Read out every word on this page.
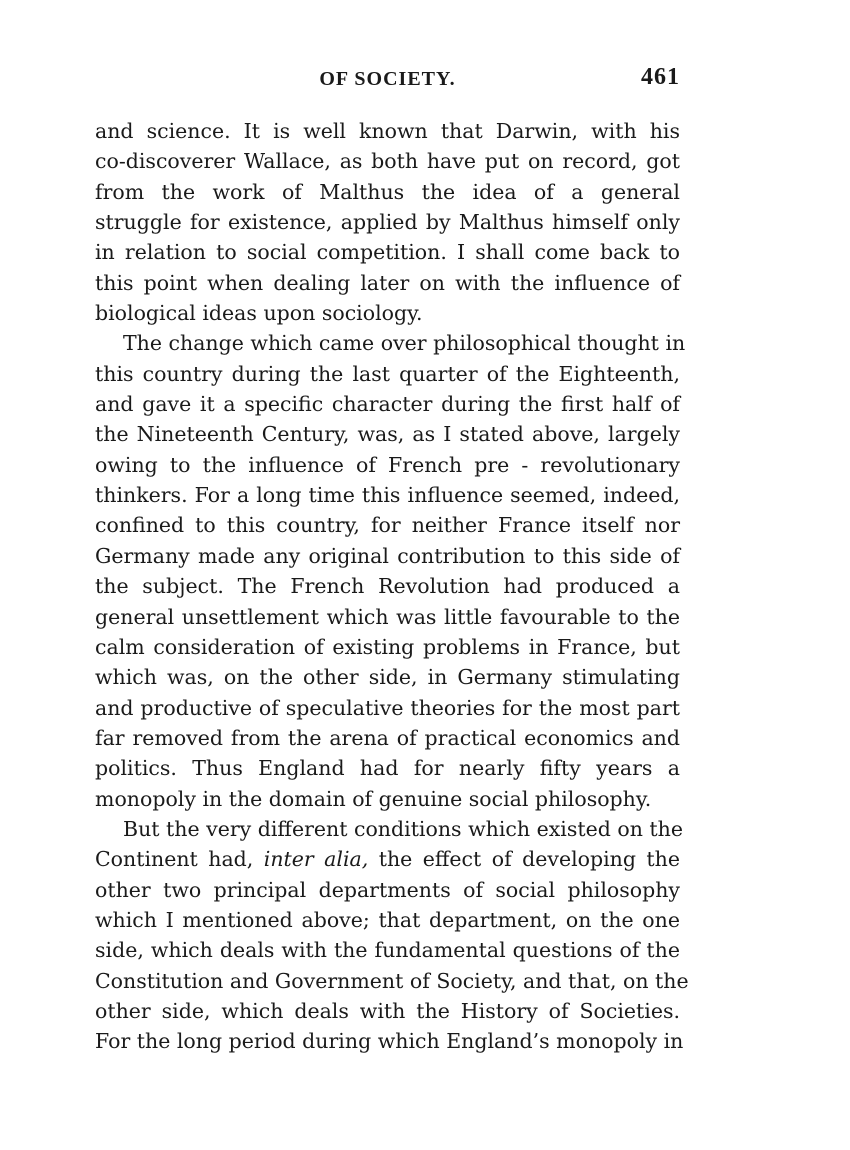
OF SOCIETY.	461
and science. It is well known that Darwin, with his
co-discoverer Wallace, as both have put on record, got
from the work of Malthus the idea of a general
struggle for existence, applied by Malthus himself only
in relation to social competition. I shall come back to
this point when dealing later on with the influence of
biological ideas upon sociology.
The change which came over philosophical thought in
this country during the last quarter of the Eighteenth,
and gave it a specific character during the first half of
the Nineteenth Century, was, as I stated above, largely
owing to the influence of French pre - revolutionary
thinkers. For a long time this influence seemed, indeed,
confined to this country, for neither France itself nor
Germany made any original contribution to this side of
the subject. The French Revolution had produced a
general unsettlement which was little favourable to the
calm consideration of existing problems in France, but
which was, on the other side, in Germany stimulating
and productive of speculative theories for the most part
far removed from the arena of practical economics and
politics. Thus England had for nearly fifty years a
monopoly in the domain of genuine social philosophy.
But the very different conditions which existed on the
Continent had, inter alia, the effect of developing the
other two principal departments of social philosophy
which I mentioned above; that department, on the one
side, which deals with the fundamental questions of the
Constitution and Government of Society, and that, on the
other side, which deals with the History of Societies.
For the long period during which England’s monopoly in
